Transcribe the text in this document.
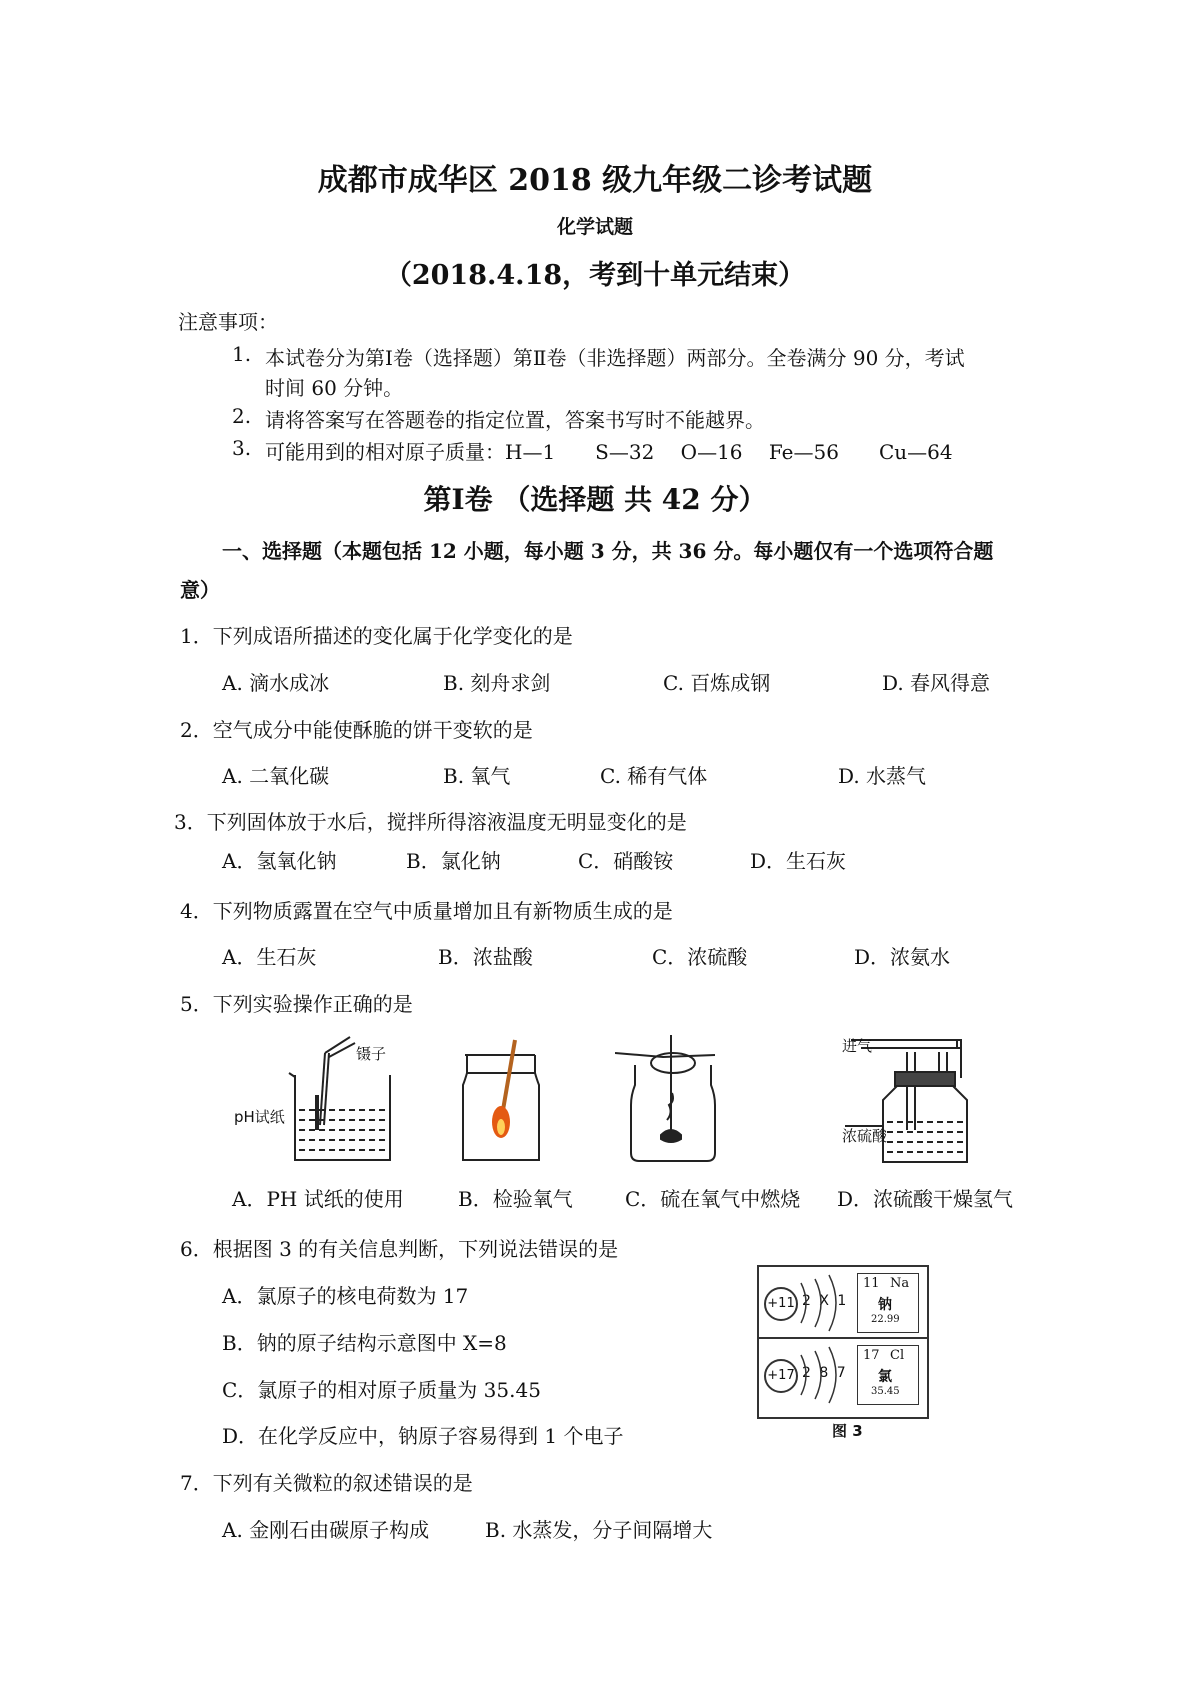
成都市成华区 2018 级九年级二诊考试题
化学试题
（2018.4.18，考到十单元结束）
注意事项：
1. 本试卷分为第Ⅰ卷（选择题）第Ⅱ卷（非选择题）两部分。全卷满分 90 分，考试
时间 60 分钟。
2. 请将答案写在答题卷的指定位置，答案书写时不能越界。
3. 可能用到的相对原子质量：H—1　　S—32　 O—16 　Fe—56　　Cu—64
第Ⅰ卷 （选择题 共 42 分）
一、选择题（本题包括 12 小题，每小题 3 分，共 36 分。每小题仅有一个选项符合题
意）
1．下列成语所描述的变化属于化学变化的是
A. 滴水成冰	B. 刻舟求剑	C. 百炼成钢	D. 春风得意
2．空气成分中能使酥脆的饼干变软的是
A. 二氧化碳	B. 氧气	C. 稀有气体	D. 水蒸气
3．下列固体放于水后，搅拌所得溶液温度无明显变化的是
A．氢氧化钠	B．氯化钠	C．硝酸铵	D．生石灰
4．下列物质露置在空气中质量增加且有新物质生成的是
A．生石灰	B．浓盐酸	C．浓硫酸	D．浓氨水
5．下列实验操作正确的是
镊子
pH试纸
进气
浓硫酸
A．PH 试纸的使用	B．检验氧气	C．硫在氧气中燃烧 D．浓硫酸干燥氢气
6．根据图 3 的有关信息判断，下列说法错误的是
A．氯原子的核电荷数为 17
B．钠的原子结构示意图中 X=8
C．氯原子的相对原子质量为 35.45
D．在化学反应中，钠原子容易得到 1 个电子
+11 2 X 1
11 Na
钠
22.99
+17 2 8 7
17 Cl
氯
35.45
图 3
7．下列有关微粒的叙述错误的是
A. 金刚石由碳原子构成	B. 水蒸发，分子间隔增大
